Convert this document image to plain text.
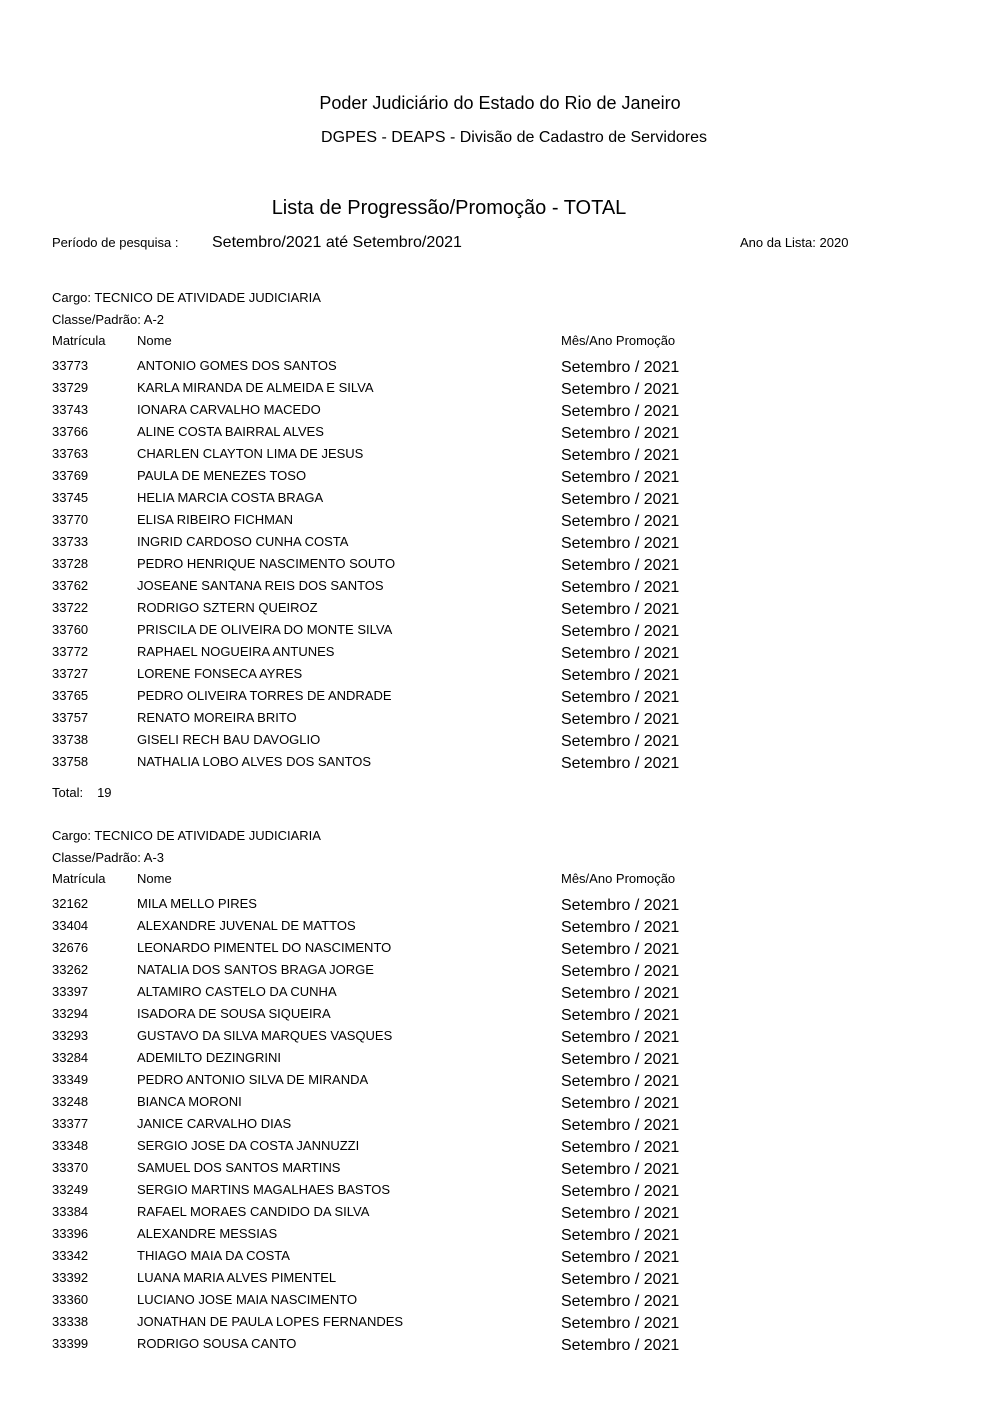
Poder Judiciário do Estado do Rio de Janeiro
DGPES - DEAPS - Divisão de Cadastro de Servidores
Lista de Progressão/Promoção - TOTAL
Período de pesquisa : Setembro/2021 até Setembro/2021	Ano da Lista: 2020
Cargo: TECNICO DE ATIVIDADE JUDICIARIA
Classe/Padrão: A-2
Matrícula Nome	Mês/Ano Promoção
33773	ANTONIO GOMES DOS SANTOS	Setembro / 2021
33729	KARLA MIRANDA DE ALMEIDA E SILVA	Setembro / 2021
33743	IONARA CARVALHO MACEDO	Setembro / 2021
33766	ALINE COSTA BAIRRAL ALVES	Setembro / 2021
33763	CHARLEN CLAYTON LIMA DE JESUS	Setembro / 2021
33769	PAULA DE MENEZES TOSO	Setembro / 2021
33745	HELIA MARCIA COSTA BRAGA	Setembro / 2021
33770	ELISA RIBEIRO FICHMAN	Setembro / 2021
33733	INGRID CARDOSO CUNHA COSTA	Setembro / 2021
33728	PEDRO HENRIQUE NASCIMENTO SOUTO	Setembro / 2021
33762	JOSEANE SANTANA REIS DOS SANTOS	Setembro / 2021
33722	RODRIGO SZTERN QUEIROZ	Setembro / 2021
33760	PRISCILA DE OLIVEIRA DO MONTE SILVA	Setembro / 2021
33772	RAPHAEL NOGUEIRA ANTUNES	Setembro / 2021
33727	LORENE FONSECA AYRES	Setembro / 2021
33765	PEDRO OLIVEIRA TORRES DE ANDRADE	Setembro / 2021
33757	RENATO MOREIRA BRITO	Setembro / 2021
33738	GISELI RECH BAU DAVOGLIO	Setembro / 2021
33758	NATHALIA LOBO ALVES DOS SANTOS	Setembro / 2021
Total: 19
Cargo: TECNICO DE ATIVIDADE JUDICIARIA
Classe/Padrão: A-3
Matrícula Nome	Mês/Ano Promoção
32162	MILA MELLO PIRES	Setembro / 2021
33404	ALEXANDRE JUVENAL DE MATTOS	Setembro / 2021
32676	LEONARDO PIMENTEL DO NASCIMENTO	Setembro / 2021
33262	NATALIA DOS SANTOS BRAGA JORGE	Setembro / 2021
33397	ALTAMIRO CASTELO DA CUNHA	Setembro / 2021
33294	ISADORA DE SOUSA SIQUEIRA	Setembro / 2021
33293	GUSTAVO DA SILVA MARQUES VASQUES	Setembro / 2021
33284	ADEMILTO DEZINGRINI	Setembro / 2021
33349	PEDRO ANTONIO SILVA DE MIRANDA	Setembro / 2021
33248	BIANCA MORONI	Setembro / 2021
33377	JANICE CARVALHO DIAS	Setembro / 2021
33348	SERGIO JOSE DA COSTA JANNUZZI	Setembro / 2021
33370	SAMUEL DOS SANTOS MARTINS	Setembro / 2021
33249	SERGIO MARTINS MAGALHAES BASTOS	Setembro / 2021
33384	RAFAEL MORAES CANDIDO DA SILVA	Setembro / 2021
33396	ALEXANDRE MESSIAS	Setembro / 2021
33342	THIAGO MAIA DA COSTA	Setembro / 2021
33392	LUANA MARIA ALVES PIMENTEL	Setembro / 2021
33360	LUCIANO JOSE MAIA NASCIMENTO	Setembro / 2021
33338	JONATHAN DE PAULA LOPES FERNANDES	Setembro / 2021
33399	RODRIGO SOUSA CANTO	Setembro / 2021
